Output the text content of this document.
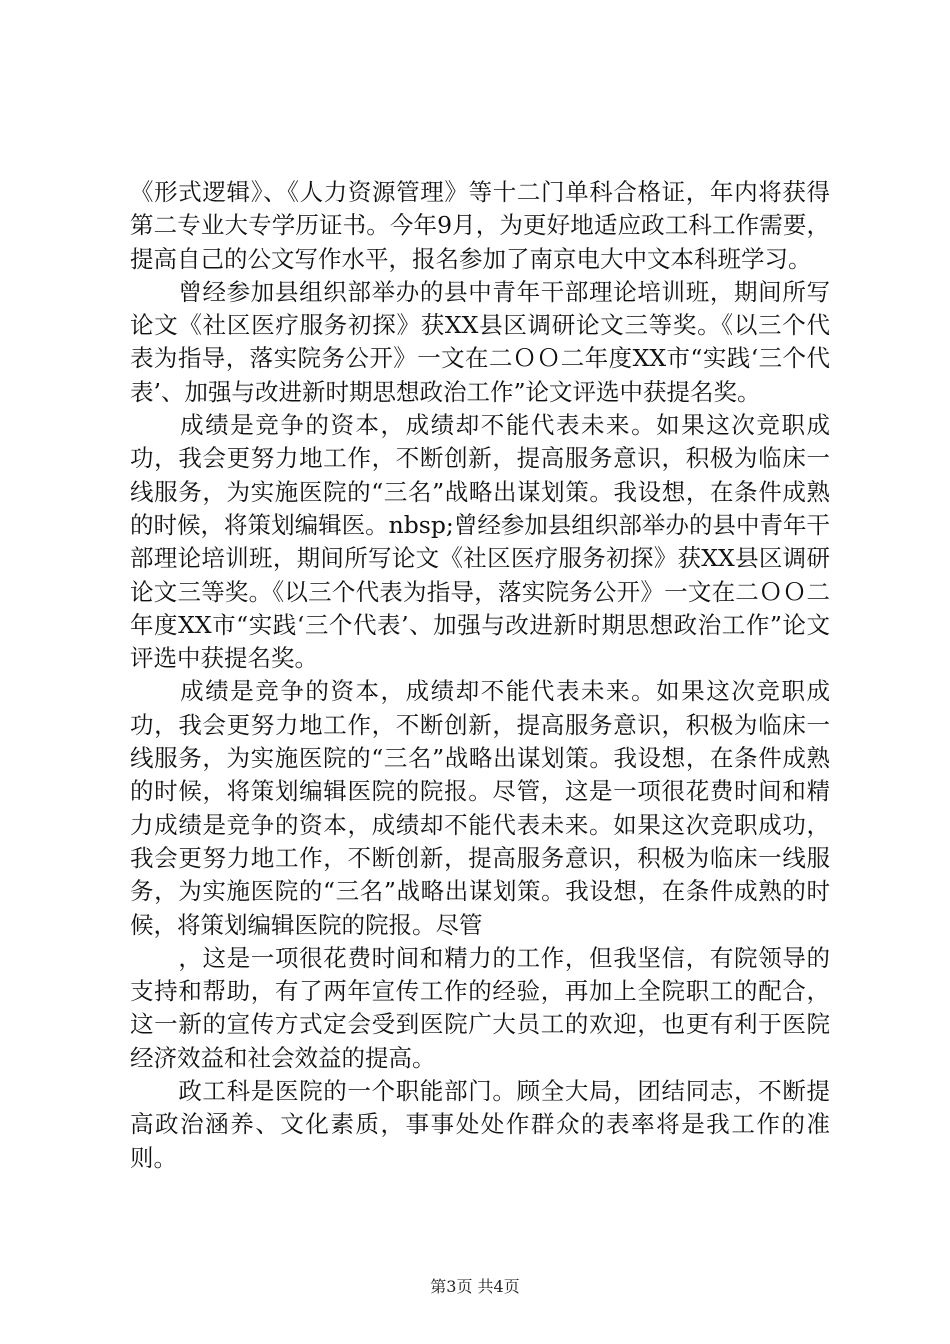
《形式逻辑》、《人力资源管理》等十二门单科合格证，年内将获得第二专业大专学历证书。今年9月，为更好地适应政工科工作需要，提高自己的公文写作水平，报名参加了南京电大中文本科班学习。

　　曾经参加县组织部举办的县中青年干部理论培训班，期间所写论文《社区医疗服务初探》获XX县区调研论文三等奖。《以三个代表为指导，落实院务公开》一文在二ＯＯ二年度XX市“实践‘三个代表’、加强与改进新时期思想政治工作”论文评选中获提名奖。

　　成绩是竞争的资本，成绩却不能代表未来。如果这次竞职成功，我会更努力地工作，不断创新，提高服务意识，积极为临床一线服务，为实施医院的“三名”战略出谋划策。我设想，在条件成熟的时候，将策划编辑医。nbsp;曾经参加县组织部举办的县中青年干部理论培训班，期间所写论文《社区医疗服务初探》获XX县区调研论文三等奖。《以三个代表为指导，落实院务公开》一文在二ＯＯ二年度XX市“实践‘三个代表’、加强与改进新时期思想政治工作”论文评选中获提名奖。

　　成绩是竞争的资本，成绩却不能代表未来。如果这次竞职成功，我会更努力地工作，不断创新，提高服务意识，积极为临床一线服务，为实施医院的“三名”战略出谋划策。我设想，在条件成熟的时候，将策划编辑医院的院报。尽管，这是一项很花费时间和精力成绩是竞争的资本，成绩却不能代表未来。如果这次竞职成功，我会更努力地工作，不断创新，提高服务意识，积极为临床一线服务，为实施医院的“三名”战略出谋划策。我设想，在条件成熟的时候，将策划编辑医院的院报。尽管

　　，这是一项很花费时间和精力的工作，但我坚信，有院领导的支持和帮助，有了两年宣传工作的经验，再加上全院职工的配合，这一新的宣传方式定会受到医院广大员工的欢迎，也更有利于医院经济效益和社会效益的提高。

　　政工科是医院的一个职能部门。顾全大局，团结同志，不断提高政治涵养、文化素质，事事处处作群众的表率将是我工作的准则。

第3页 共4页
